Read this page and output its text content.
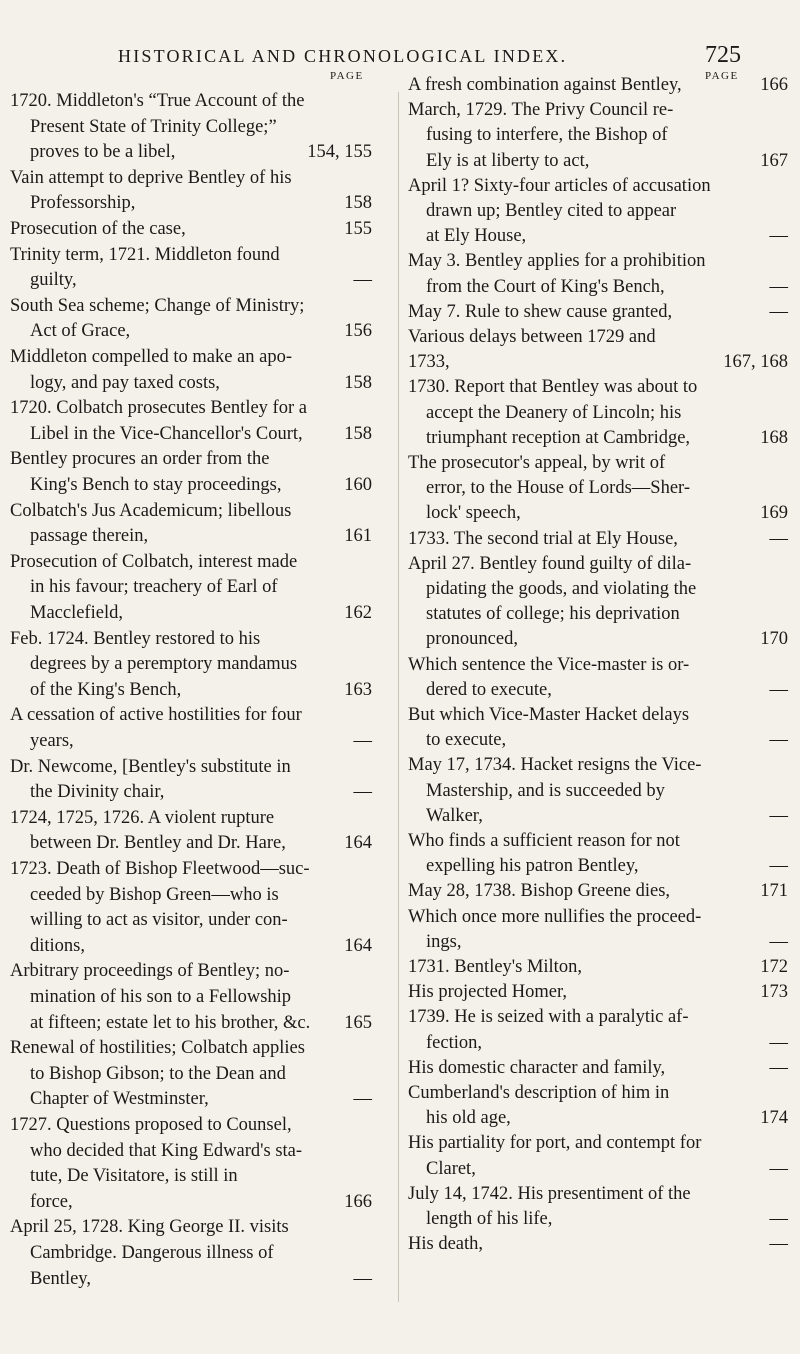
HISTORICAL AND CHRONOLOGICAL INDEX.	725
PAGE
1720. Middleton's “True Account of the
Present State of Trinity College;”
proves to be a libel,	154, 155
Vain attempt to deprive Bentley of his
Professorship,	158
Prosecution of the case,	155
Trinity term, 1721. Middleton found
guilty,	—
South Sea scheme; Change of Ministry;
Act of Grace,	156
Middleton compelled to make an apo-
logy, and pay taxed costs,	158
1720. Colbatch prosecutes Bentley for a
Libel in the Vice-Chancellor's Court, 158
Bentley procures an order from the
King's Bench to stay proceedings,	160
Colbatch's Jus Academicum; libellous
passage therein,	161
Prosecution of Colbatch, interest made
in his favour; treachery of Earl of
Macclefield,	162
Feb. 1724. Bentley restored to his
degrees by a peremptory mandamus
of the King's Bench,	163
A cessation of active hostilities for four
years,	—
Dr. Newcome, [Bentley's substitute in
the Divinity chair,	—
1724, 1725, 1726. A violent rupture
between Dr. Bentley and Dr. Hare,	164
1723. Death of Bishop Fleetwood—suc-
ceeded by Bishop Green—who is
willing to act as visitor, under con-
ditions,	164
Arbitrary proceedings of Bentley; no-
mination of his son to a Fellowship
at fifteen; estate let to his brother, &c. 165
Renewal of hostilities; Colbatch applies
to Bishop Gibson; to the Dean and
Chapter of Westminster,	—
1727. Questions proposed to Counsel,
who decided that King Edward's sta-
tute, De Visitatore, is still in
force,	166
April 25, 1728. King George II. visits
Cambridge. Dangerous illness of
Bentley,	—
PAGE
A fresh combination against Bentley,	166
March, 1729. The Privy Council re-
fusing to interfere, the Bishop of
Ely is at liberty to act,	167
April 1? Sixty-four articles of accusation
drawn up; Bentley cited to appear
at Ely House,	—
May 3. Bentley applies for a prohibition
from the Court of King's Bench,	—
May 7. Rule to shew cause granted,	—
Various delays between 1729 and
1733,	167, 168
1730. Report that Bentley was about to
accept the Deanery of Lincoln; his
triumphant reception at Cambridge,	168
The prosecutor's appeal, by writ of
error, to the House of Lords—Sher-
lock' speech,	169
1733. The second trial at Ely House,	—
April 27. Bentley found guilty of dila-
pidating the goods, and violating the
statutes of college; his deprivation
pronounced,	170
Which sentence the Vice-master is or-
dered to execute,	—
But which Vice-Master Hacket delays
to execute,	—
May 17, 1734. Hacket resigns the Vice-
Mastership, and is succeeded by
Walker,	—
Who finds a sufficient reason for not
expelling his patron Bentley,	—
May 28, 1738. Bishop Greene dies,	171
Which once more nullifies the proceed-
ings,	—
1731. Bentley's Milton,	172
His projected Homer,	173
1739. He is seized with a paralytic af-
fection,	—
His domestic character and family,	—
Cumberland's description of him in
his old age,	174
His partiality for port, and contempt for
Claret,	—
July 14, 1742. His presentiment of the
length of his life,	—
His death,	—
